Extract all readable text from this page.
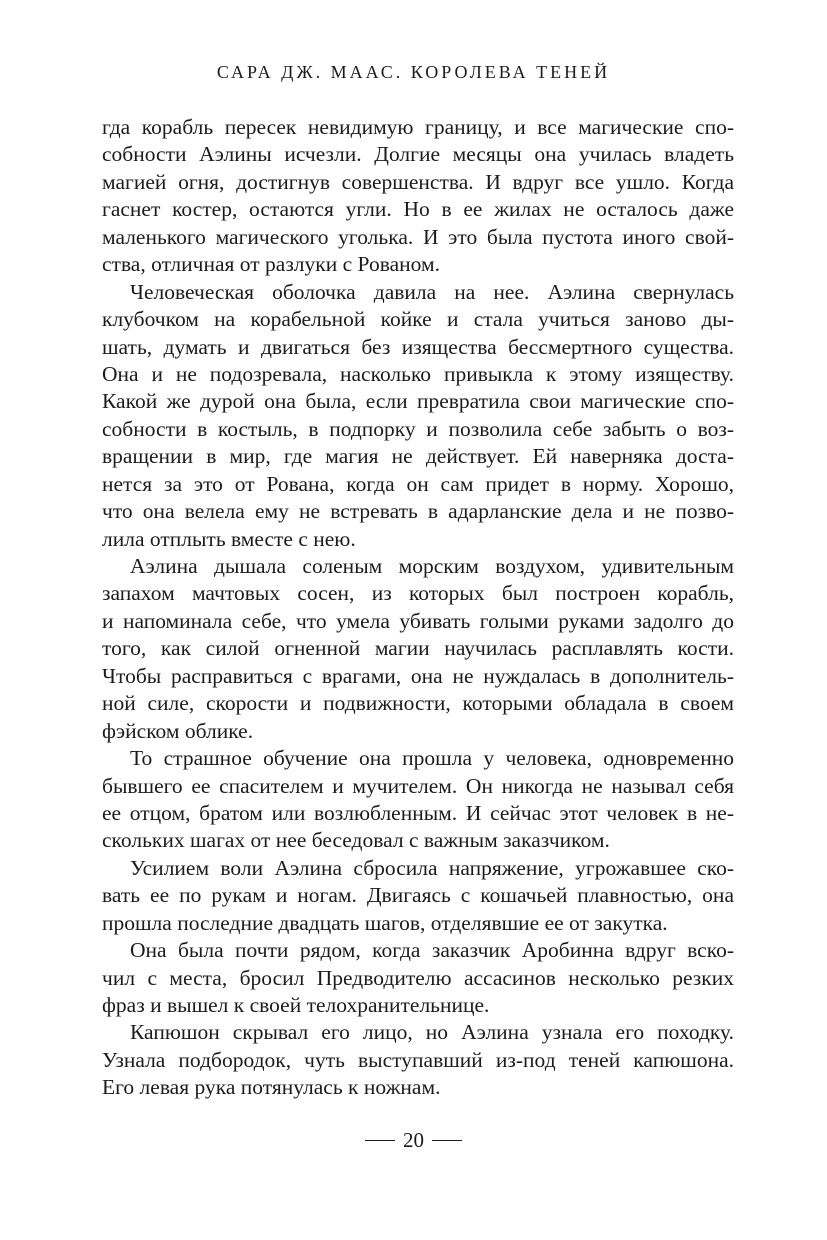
САРА ДЖ. МААС. КОРОЛЕВА ТЕНЕЙ
гда корабль пересек невидимую границу, и все магические спо-
собности Аэлины исчезли. Долгие месяцы она училась владеть
магией огня, достигнув совершенства. И вдруг все ушло. Когда
гаснет костер, остаются угли. Но в ее жилах не осталось даже
маленького магического уголька. И это была пустота иного свой-
ства, отличная от разлуки с Рованом.
Человеческая оболочка давила на нее. Аэлина свернулась
клубочком на корабельной койке и стала учиться заново ды-
шать, думать и двигаться без изящества бессмертного существа.
Она и не подозревала, насколько привыкла к этому изяществу.
Какой же дурой она была, если превратила свои магические спо-
собности в костыль, в подпорку и позволила себе забыть о воз-
вращении в мир, где магия не действует. Ей наверняка доста-
нется за это от Рована, когда он сам придет в норму. Хорошо,
что она велела ему не встревать в адарланские дела и не позво-
лила отплыть вместе с нею.
Аэлина дышала соленым морским воздухом, удивительным
запахом мачтовых сосен, из которых был построен корабль,
и напоминала себе, что умела убивать голыми руками задолго до
того, как силой огненной магии научилась расплавлять кости.
Чтобы расправиться с врагами, она не нуждалась в дополнитель-
ной силе, скорости и подвижности, которыми обладала в своем
фэйском облике.
То страшное обучение она прошла у человека, одновременно
бывшего ее спасителем и мучителем. Он никогда не называл себя
ее отцом, братом или возлюбленным. И сейчас этот человек в не-
скольких шагах от нее беседовал с важным заказчиком.
Усилием воли Аэлина сбросила напряжение, угрожавшее ско-
вать ее по рукам и ногам. Двигаясь с кошачьей плавностью, она
прошла последние двадцать шагов, отделявшие ее от закутка.
Она была почти рядом, когда заказчик Аробинна вдруг вско-
чил с места, бросил Предводителю ассасинов несколько резких
фраз и вышел к своей телохранительнице.
Капюшон скрывал его лицо, но Аэлина узнала его походку.
Узнала подбородок, чуть выступавший из-под теней капюшона.
Его левая рука потянулась к ножнам.
20
